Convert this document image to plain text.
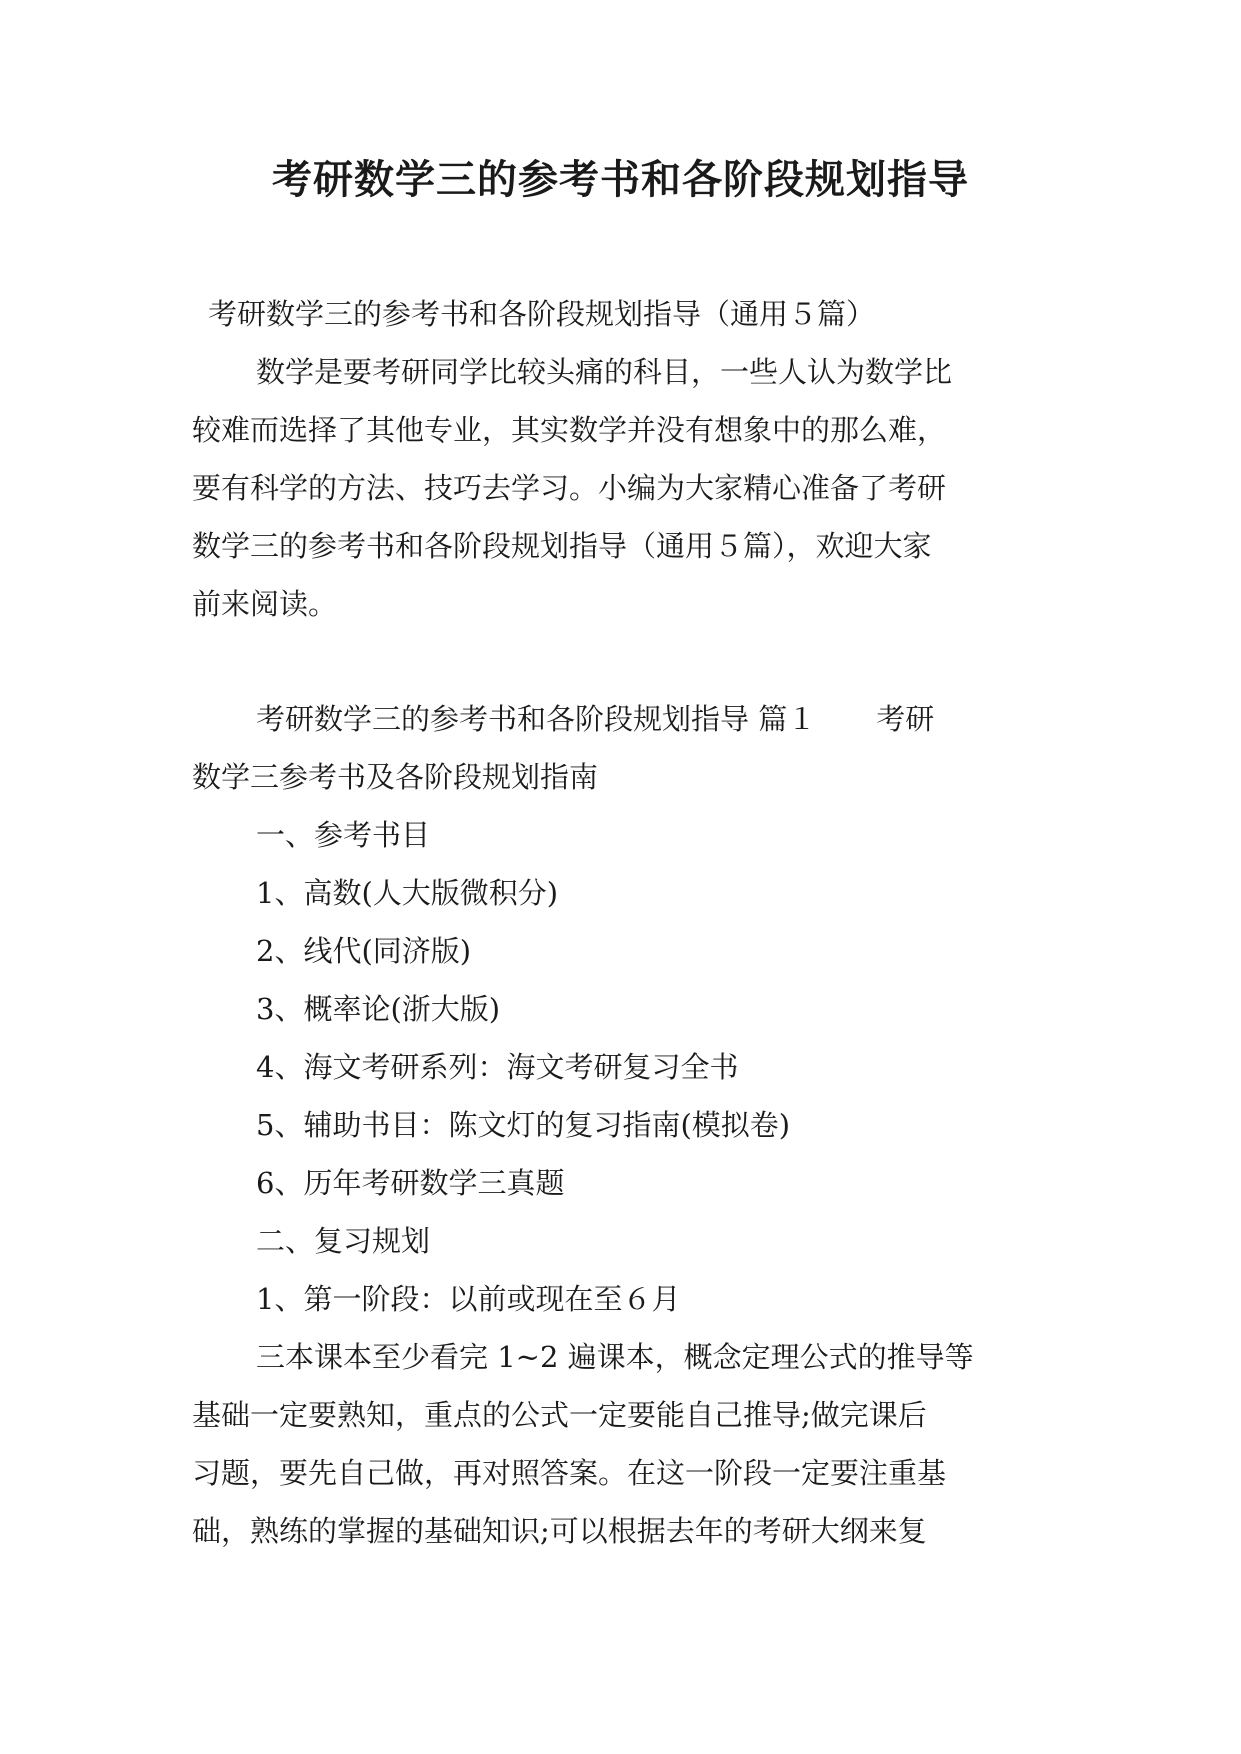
考研数学三的参考书和各阶段规划指导
考研数学三的参考书和各阶段规划指导（通用５篇）
数学是要考研同学比较头痛的科目，一些人认为数学比
较难而选择了其他专业，其实数学并没有想象中的那么难，
要有科学的方法、技巧去学习。小编为大家精心准备了考研
数学三的参考书和各阶段规划指导（通用５篇），欢迎大家
前来阅读。
考研数学三的参考书和各阶段规划指导 篇１ 考研
数学三参考书及各阶段规划指南
一、参考书目
1、高数(人大版微积分)
2、线代(同济版)
3、概率论(浙大版)
4、海文考研系列：海文考研复习全书
5、辅助书目：陈文灯的复习指南(模拟卷)
6、历年考研数学三真题
二、复习规划
1、第一阶段：以前或现在至６月
三本课本至少看完 1~2 遍课本，概念定理公式的推导等
基础一定要熟知，重点的公式一定要能自己推导;做完课后
习题，要先自己做，再对照答案。在这一阶段一定要注重基
础，熟练的掌握的基础知识;可以根据去年的考研大纲来复
